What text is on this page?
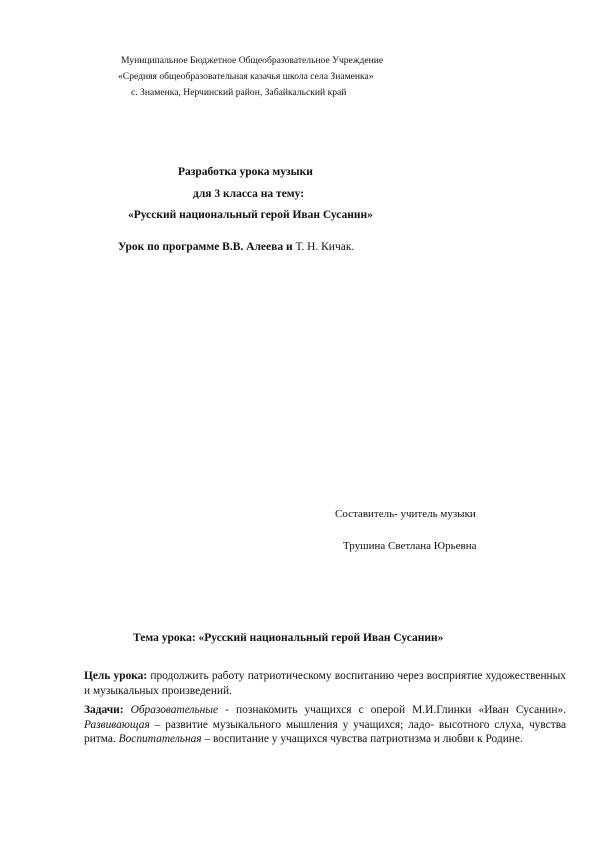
Муниципальное Бюджетное Общеобразовательное Учреждение
«Средняя общеобразовательная казачья школа села Знаменка»
с. Знаменка, Нерчинский район, Забайкальский край
Разработка урока музыки
для 3 класса на тему:
«Русский национальный герой Иван Сусанин»
Урок по программе В.В. Алеева и Т. Н. Кичак.
Составитель- учитель музыки
Трушина Светлана Юрьевна
Тема урока: «Русский национальный герой Иван Сусанин»

Цель урока: продолжить работу патриотическому воспитанию через восприятие художественных и музыкальных произведений.

Задачи: Образовательные - познакомить учащихся с оперой М.И.Глинки «Иван Сусанин». Развивающая – развитие музыкального мышления у учащихся; ладо- высотного слуха, чувства ритма. Воспитательная – воспитание у учащихся чувства патриотизма и любви к Родине.
